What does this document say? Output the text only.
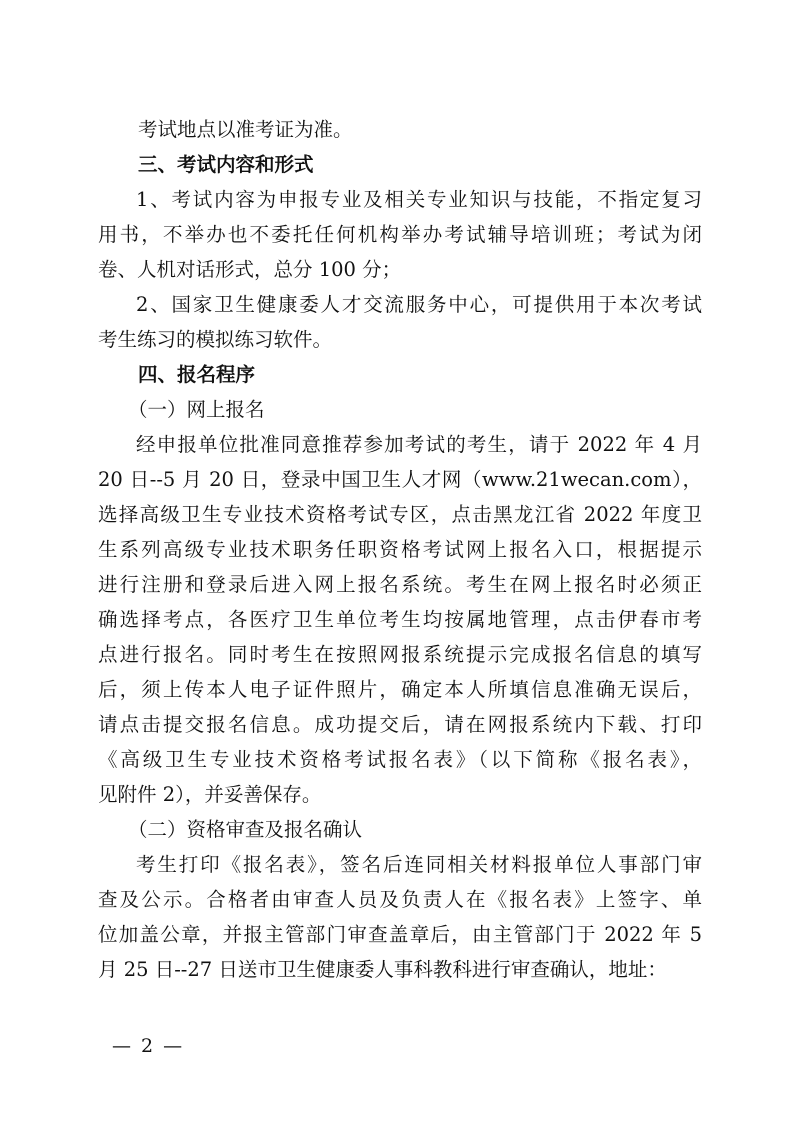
考试地点以准考证为准。
三、考试内容和形式
1、考试内容为申报专业及相关专业知识与技能，不指定复习
用书，不举办也不委托任何机构举办考试辅导培训班；考试为闭
卷、人机对话形式，总分 100 分；
2、国家卫生健康委人才交流服务中心，可提供用于本次考试
考生练习的模拟练习软件。
四、报名程序
（一）网上报名
经申报单位批准同意推荐参加考试的考生，请于 2022 年 4 月
20 日--5 月 20 日，登录中国卫生人才网（www.21wecan.com），
选择高级卫生专业技术资格考试专区，点击黑龙江省 2022 年度卫
生系列高级专业技术职务任职资格考试网上报名入口，根据提示
进行注册和登录后进入网上报名系统。考生在网上报名时必须正
确选择考点，各医疗卫生单位考生均按属地管理，点击伊春市考
点进行报名。同时考生在按照网报系统提示完成报名信息的填写
后，须上传本人电子证件照片，确定本人所填信息准确无误后，
请点击提交报名信息。成功提交后，请在网报系统内下载、打印
《高级卫生专业技术资格考试报名表》（以下简称《报名表》，
见附件 2），并妥善保存。
（二）资格审查及报名确认
考生打印《报名表》，签名后连同相关材料报单位人事部门审
查及公示。合格者由审查人员及负责人在《报名表》上签字、单
位加盖公章，并报主管部门审查盖章后，由主管部门于 2022 年 5
月 25 日--27 日送市卫生健康委人事科教科进行审查确认，地址：
— 2 —
